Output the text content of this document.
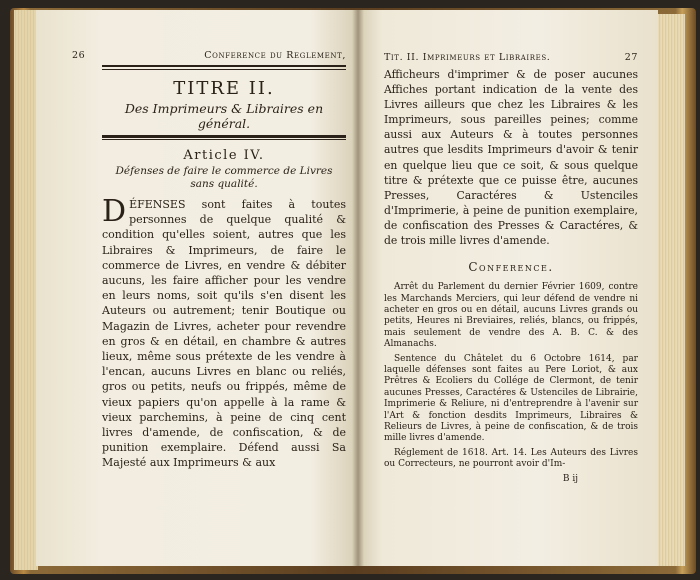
26	Conference du Reglement,
TITRE II.
Des Imprimeurs & Libraires en général.
Article IV.
Défenses de faire le commerce de Livres sans qualité.
DÉFENSES sont faites à toutes personnes de quelque qualité & condition qu'elles soient, autres que les Libraires & Imprimeurs, de faire le commerce de Livres, en vendre & débiter aucuns, les faire afficher pour les vendre en leurs noms, soit qu'ils s'en disent les Auteurs ou autrement; tenir Boutique ou Magazin de Livres, acheter pour revendre en gros & en détail, en chambre & autres lieux, même sous prétexte de les vendre à l'encan, aucuns Livres en blanc ou reliés, gros ou petits, neufs ou frippés, même de vieux papiers qu'on appelle à la rame & vieux parchemins, à peine de cinq cent livres d'amende, de confiscation, & de punition exemplaire. Défend aussi Sa Majesté aux Imprimeurs & aux
Tit. II. Imprimeurs et Libraires.	27
Afficheurs d'imprimer & de poser aucunes Affiches portant indication de la vente des Livres ailleurs que chez les Libraires & les Imprimeurs, sous pareilles peines; comme aussi aux Auteurs & à toutes personnes autres que lesdits Imprimeurs d'avoir & tenir en quelque lieu que ce soit, & sous quelque titre & prétexte que ce puisse être, aucunes Presses, Caractéres & Ustenciles d'Imprimerie, à peine de punition exemplaire, de confiscation des Presses & Caractéres, & de trois mille livres d'amende.
Conference.

Arrêt du Parlement du dernier Février 1609, contre les Marchands Merciers, qui leur défend de vendre ni acheter en gros ou en détail, aucuns Livres grands ou petits, Heures ni Breviaires, reliés, blancs, ou frippés, mais seulement de vendre des A. B. C. & des Almanachs.

Sentence du Châtelet du 6 Octobre 1614, par laquelle défenses sont faites au Pere Loriot, & aux Prêtres & Ecoliers du Collége de Clermont, de tenir aucunes Presses, Caractéres & Ustenciles de Librairie, Imprimerie & Reliure, ni d'entreprendre à l'avenir sur l'Art & fonction desdits Imprimeurs, Libraires & Relieurs de Livres, à peine de confiscation, & de trois mille livres d'amende.

Réglement de 1618. Art. 14. Les Auteurs des Livres ou Correcteurs, ne pourront avoir d'Im-

B ij
